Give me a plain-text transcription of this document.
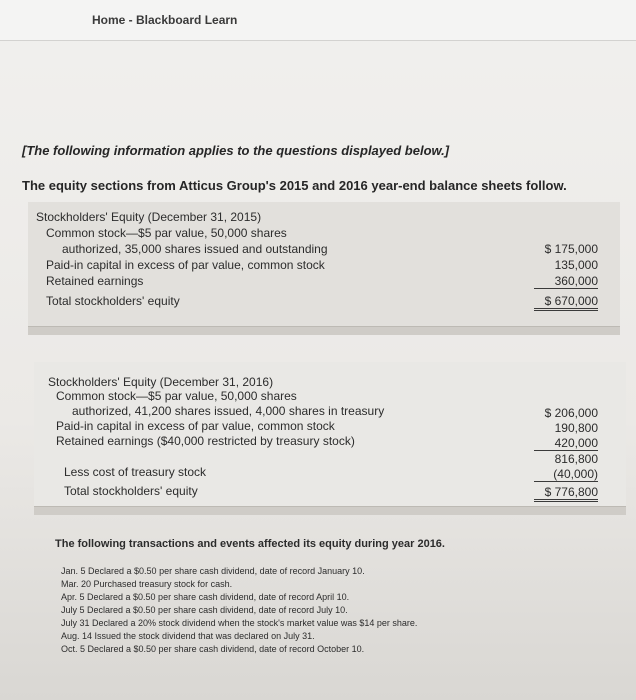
Home - Blackboard Learn
[The following information applies to the questions displayed below.]
The equity sections from Atticus Group's 2015 and 2016 year-end balance sheets follow.
Stockholders' Equity (December 31, 2015)
Common stock—$5 par value, 50,000 shares
authorized, 35,000 shares issued and outstanding
Paid-in capital in excess of par value, common stock
Retained earnings
Total stockholders' equity
$ 175,000
135,000
360,000
$ 670,000
Stockholders' Equity (December 31, 2016)
Common stock—$5 par value, 50,000 shares
authorized, 41,200 shares issued, 4,000 shares in treasury
Paid-in capital in excess of par value, common stock
Retained earnings ($40,000 restricted by treasury stock)
Less cost of treasury stock
Total stockholders' equity
$ 206,000
190,800
420,000
816,800
(40,000)
$ 776,800
The following transactions and events affected its equity during year 2016.
Jan. 5 Declared a $0.50 per share cash dividend, date of record January 10.
Mar. 20 Purchased treasury stock for cash.
Apr. 5 Declared a $0.50 per share cash dividend, date of record April 10.
July 5 Declared a $0.50 per share cash dividend, date of record July 10.
July 31 Declared a 20% stock dividend when the stock's market value was $14 per share.
Aug. 14 Issued the stock dividend that was declared on July 31.
Oct. 5 Declared a $0.50 per share cash dividend, date of record October 10.
